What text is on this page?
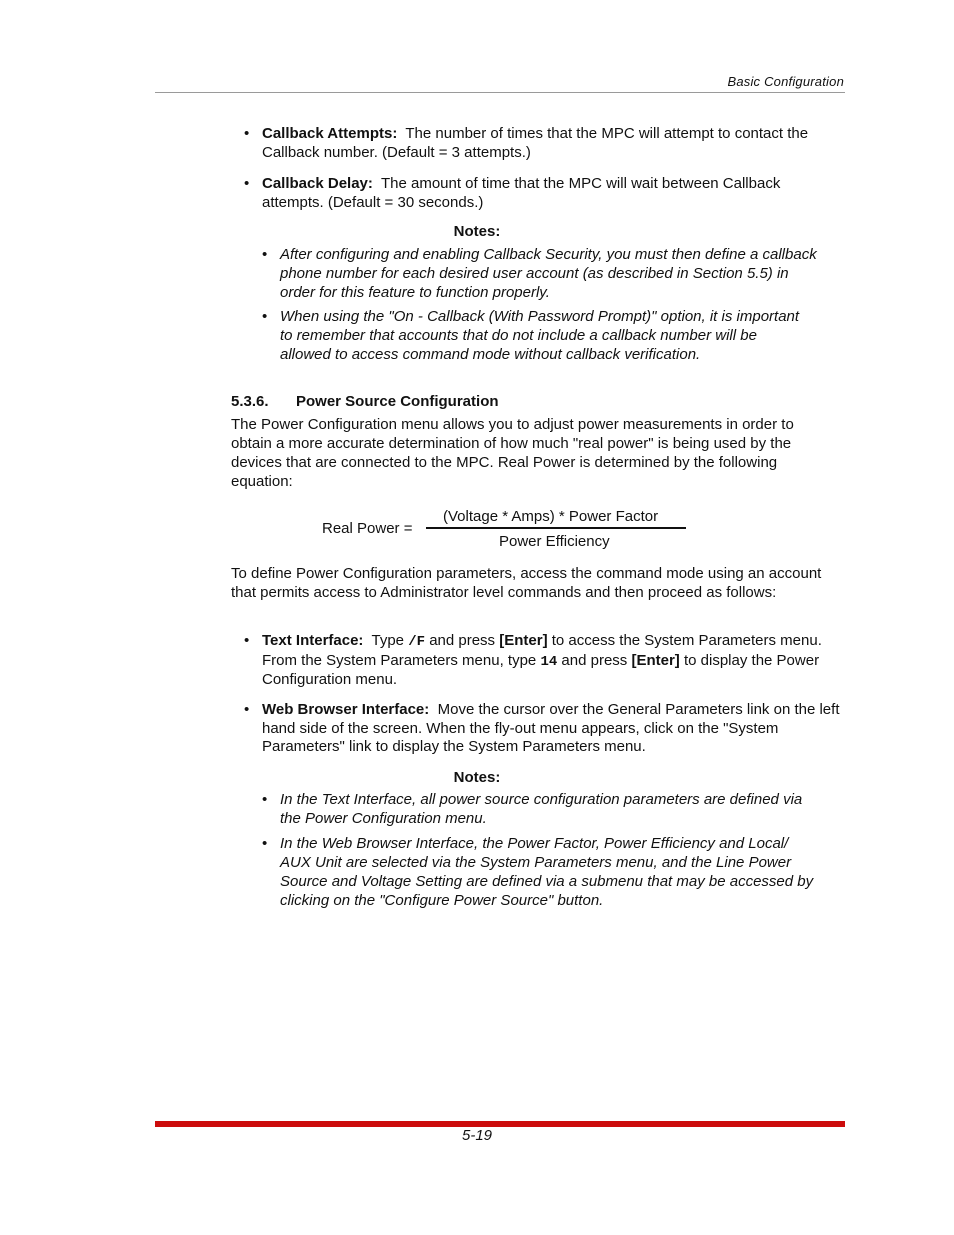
Basic Configuration
• Callback Attempts: The number of times that the MPC will attempt to contact the Callback number. (Default = 3 attempts.)
• Callback Delay: The amount of time that the MPC will wait between Callback attempts. (Default = 30 seconds.)
Notes:
• After configuring and enabling Callback Security, you must then define a callback phone number for each desired user account (as described in Section 5.5) in order for this feature to function properly.
• When using the "On - Callback (With Password Prompt)" option, it is important to remember that accounts that do not include a callback number will be allowed to access command mode without callback verification.
5.3.6. Power Source Configuration
The Power Configuration menu allows you to adjust power measurements in order to obtain a more accurate determination of how much "real power" is being used by the devices that are connected to the MPC. Real Power is determined by the following equation:
Real Power =
(Voltage * Amps) * Power Factor
Power Efficiency
To define Power Configuration parameters, access the command mode using an account that permits access to Administrator level commands and then proceed as follows:
• Text Interface: Type /F and press [Enter] to access the System Parameters menu. From the System Parameters menu, type 14 and press [Enter] to display the Power Configuration menu.
• Web Browser Interface: Move the cursor over the General Parameters link on the left hand side of the screen. When the fly-out menu appears, click on the "System Parameters" link to display the System Parameters menu.
Notes:
• In the Text Interface, all power source configuration parameters are defined via the Power Configuration menu.
• In the Web Browser Interface, the Power Factor, Power Efficiency and Local/ AUX Unit are selected via the System Parameters menu, and the Line Power Source and Voltage Setting are defined via a submenu that may be accessed by clicking on the "Configure Power Source" button.
5-19
